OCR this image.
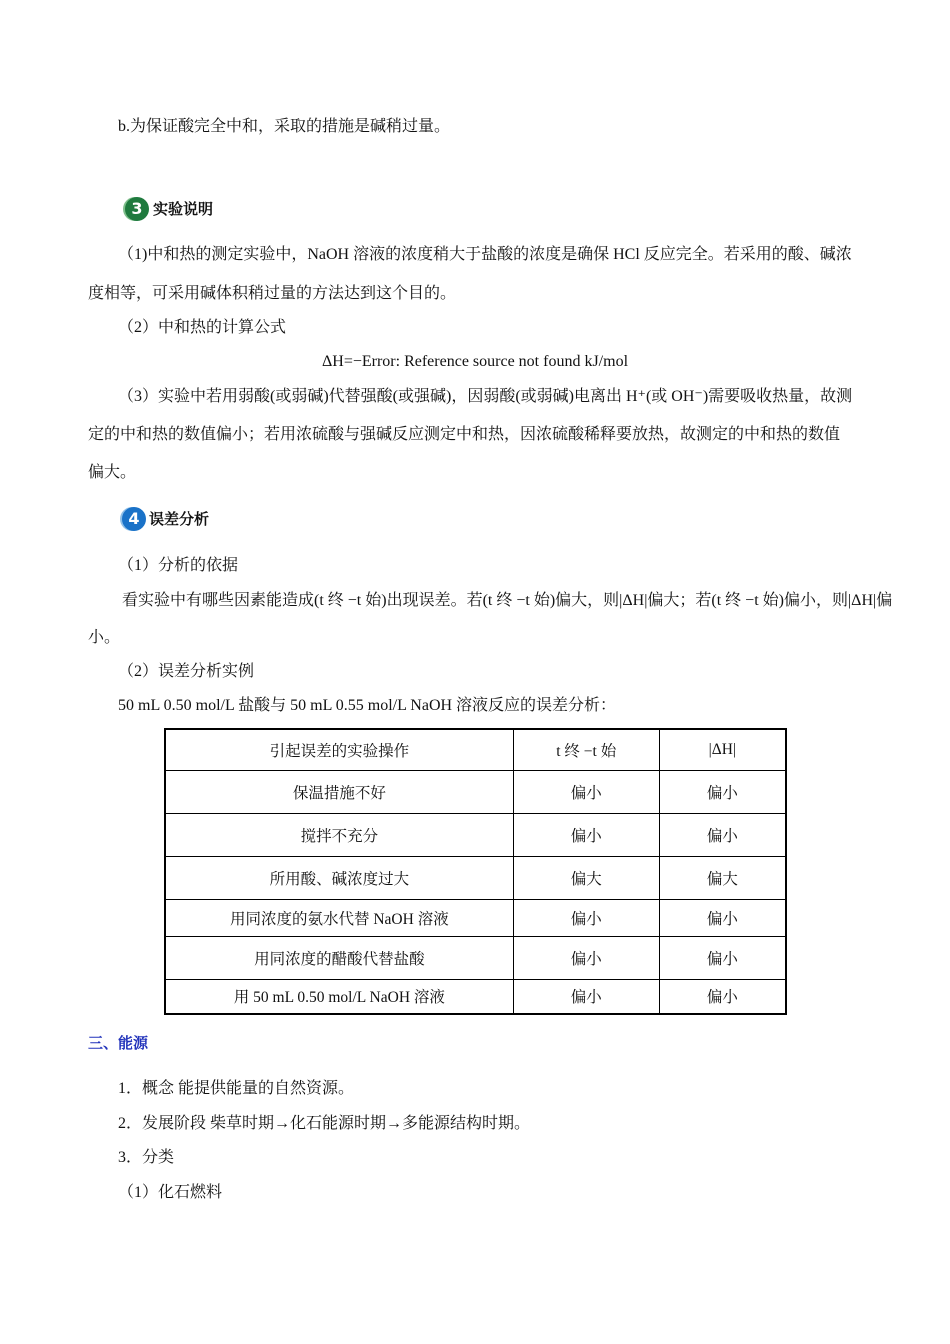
b.为保证酸完全中和，采取的措施是碱稍过量。
3 实验说明
（1)中和热的测定实验中，NaOH 溶液的浓度稍大于盐酸的浓度是确保 HCl 反应完全。若采用的酸、碱浓
度相等，可采用碱体积稍过量的方法达到这个目的。
（2）中和热的计算公式
ΔH=−Error: Reference source not found kJ/mol
（3）实验中若用弱酸(或弱碱)代替强酸(或强碱)，因弱酸(或弱碱)电离出 H⁺(或 OH⁻)需要吸收热量，故测
定的中和热的数值偏小；若用浓硫酸与强碱反应测定中和热，因浓硫酸稀释要放热，故测定的中和热的数值
偏大。
4 误差分析
（1）分析的依据
看实验中有哪些因素能造成(t 终 −t 始)出现误差。若(t 终 −t 始)偏大，则|ΔH|偏大；若(t 终 −t 始)偏小，则|ΔH|偏
小。
（2）误差分析实例
50 mL 0.50 mol/L 盐酸与 50 mL 0.55 mol/L NaOH 溶液反应的误差分析：
引起误差的实验操作	t 终 −t 始	|ΔH|
保温措施不好	偏小	偏小
搅拌不充分	偏小	偏小
所用酸、碱浓度过大	偏大	偏大
用同浓度的氨水代替 NaOH 溶液	偏小	偏小
用同浓度的醋酸代替盐酸	偏小	偏小
用 50 mL 0.50 mol/L NaOH 溶液	偏小	偏小
三、能源
1．概念 能提供能量的自然资源。
2．发展阶段 柴草时期→化石能源时期→多能源结构时期。
3．分类
（1）化石燃料
